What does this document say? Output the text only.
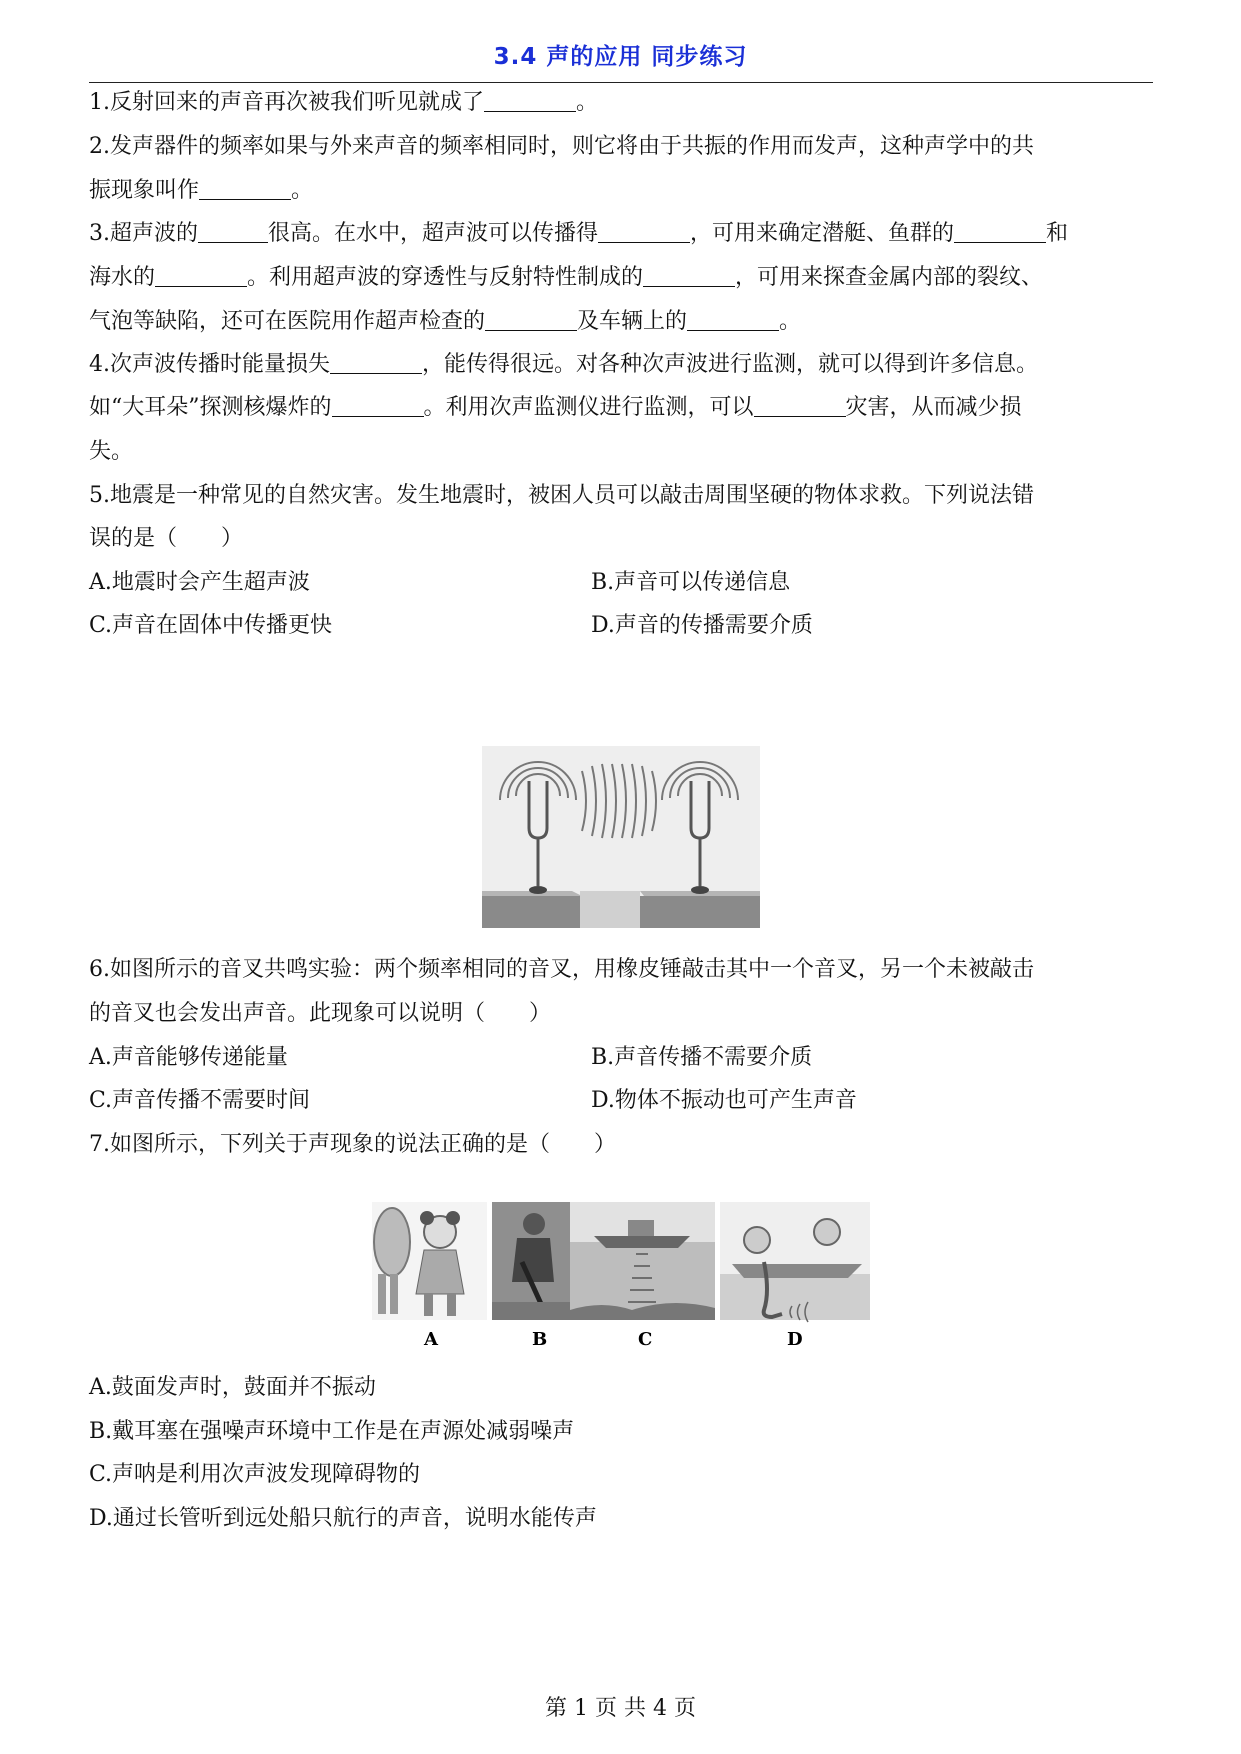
3.4 声的应用 同步练习
1.反射回来的声音再次被我们听见就成了	。
2.发声器件的频率如果与外来声音的频率相同时，则它将由于共振的作用而发声，这种声学中的共
振现象叫作	。
3.超声波的	很高。在水中，超声波可以传播得	，可用来确定潜艇、鱼群的	和
海水的	。利用超声波的穿透性与反射特性制成的	，可用来探查金属内部的裂纹、
气泡等缺陷，还可在医院用作超声检查的	及车辆上的	。
4.次声波传播时能量损失	，能传得很远。对各种次声波进行监测，就可以得到许多信息。
如“大耳朵”探测核爆炸的	。利用次声监测仪进行监测，可以	灾害，从而减少损
失。
5.地震是一种常见的自然灾害。发生地震时，被困人员可以敲击周围坚硬的物体求救。下列说法错
误的是（　　）
A.地震时会产生超声波	B.声音可以传递信息
C.声音在固体中传播更快	D.声音的传播需要介质
6.如图所示的音叉共鸣实验：两个频率相同的音叉，用橡皮锤敲击其中一个音叉，另一个未被敲击
的音叉也会发出声音。此现象可以说明（　　）
A.声音能够传递能量	B.声音传播不需要介质
C.声音传播不需要时间	D.物体不振动也可产生声音
7.如图所示，下列关于声现象的说法正确的是（　　）
A	B	C	D
A.鼓面发声时，鼓面并不振动
B.戴耳塞在强噪声环境中工作是在声源处减弱噪声
C.声呐是利用次声波发现障碍物的
D.通过长管听到远处船只航行的声音，说明水能传声
第 1 页 共 4 页
